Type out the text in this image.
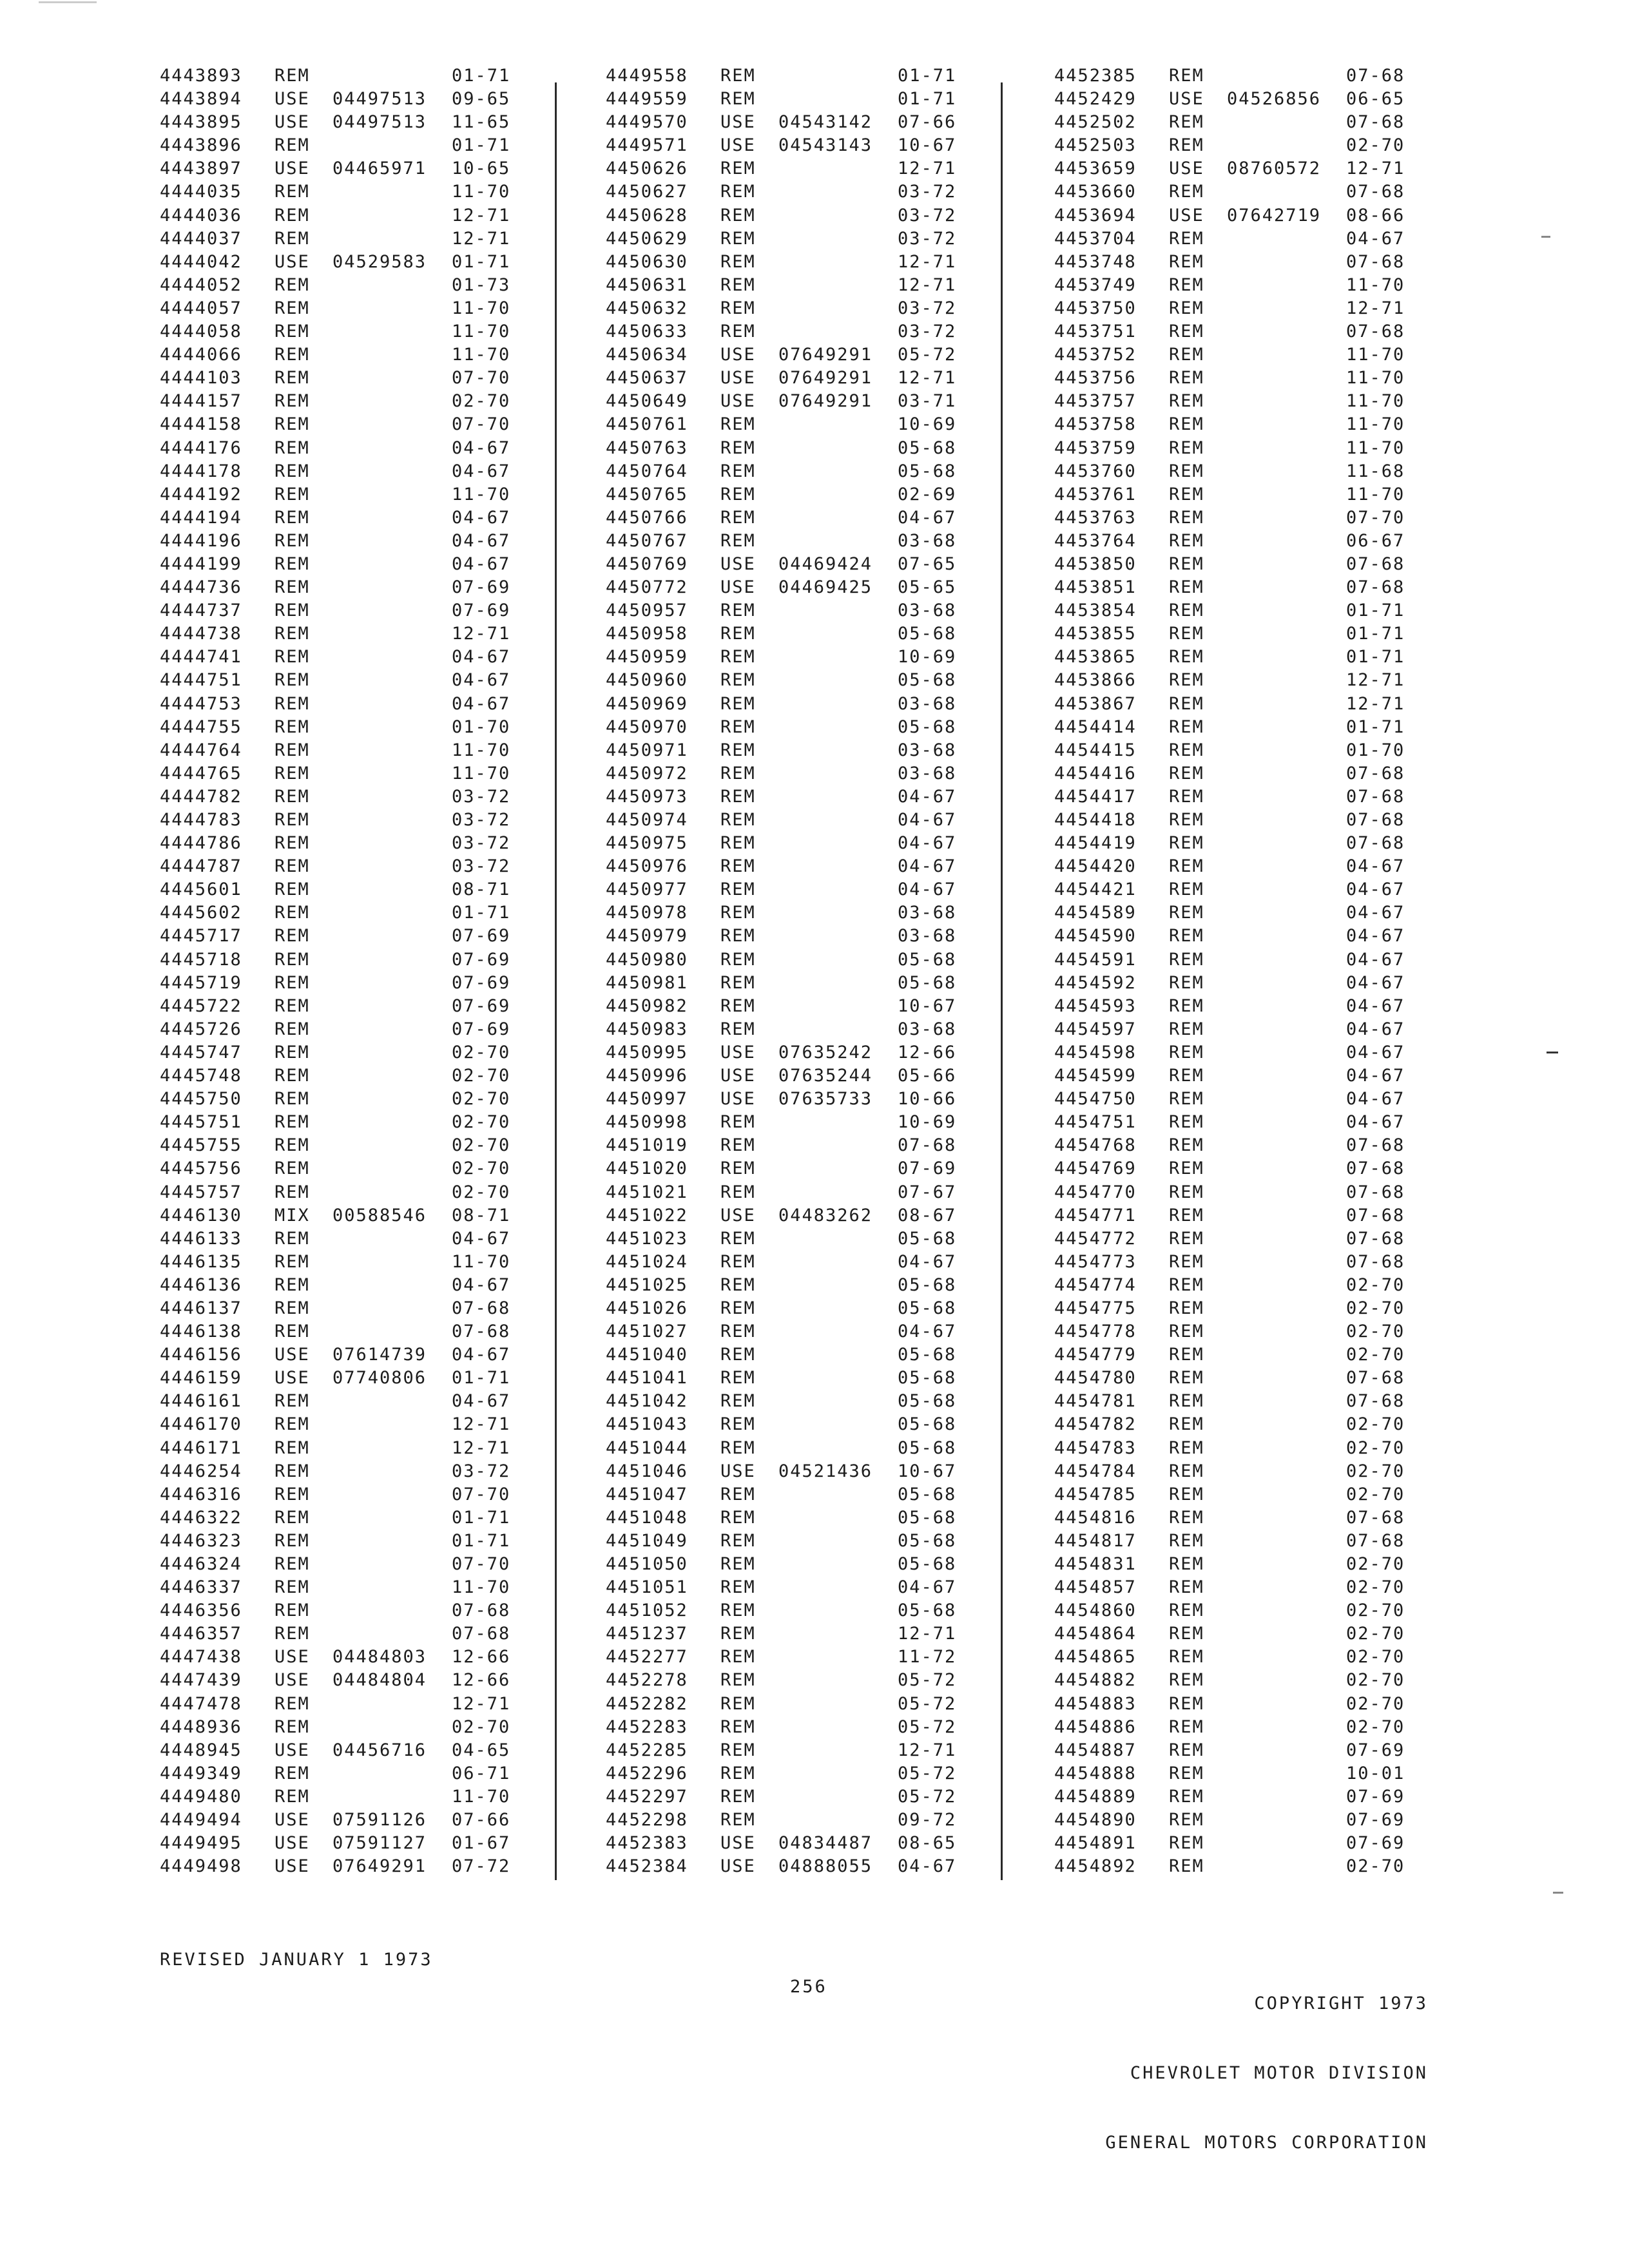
4443893 REM	01-71
4443894 USE 04497513 09-65
4443895 USE 04497513 11-65
4443896 REM	01-71
4443897 USE 04465971 10-65
4444035 REM	11-70
4444036 REM	12-71
4444037 REM	12-71
4444042 USE 04529583 01-71
4444052 REM	01-73
4444057 REM	11-70
4444058 REM	11-70
4444066 REM	11-70
4444103 REM	07-70
4444157 REM	02-70
4444158 REM	07-70
4444176 REM	04-67
4444178 REM	04-67
4444192 REM	11-70
4444194 REM	04-67
4444196 REM	04-67
4444199 REM	04-67
4444736 REM	07-69
4444737 REM	07-69
4444738 REM	12-71
4444741 REM	04-67
4444751 REM	04-67
4444753 REM	04-67
4444755 REM	01-70
4444764 REM	11-70
4444765 REM	11-70
4444782 REM	03-72
4444783 REM	03-72
4444786 REM	03-72
4444787 REM	03-72
4445601 REM	08-71
4445602 REM	01-71
4445717 REM	07-69
4445718 REM	07-69
4445719 REM	07-69
4445722 REM	07-69
4445726 REM	07-69
4445747 REM	02-70
4445748 REM	02-70
4445750 REM	02-70
4445751 REM	02-70
4445755 REM	02-70
4445756 REM	02-70
4445757 REM	02-70
4446130 MIX 00588546 08-71
4446133 REM	04-67
4446135 REM	11-70
4446136 REM	04-67
4446137 REM	07-68
4446138 REM	07-68
4446156 USE 07614739 04-67
4446159 USE 07740806 01-71
4446161 REM	04-67
4446170 REM	12-71
4446171 REM	12-71
4446254 REM	03-72
4446316 REM	07-70
4446322 REM	01-71
4446323 REM	01-71
4446324 REM	07-70
4446337 REM	11-70
4446356 REM	07-68
4446357 REM	07-68
4447438 USE 04484803 12-66
4447439 USE 04484804 12-66
4447478 REM	12-71
4448936 REM	02-70
4448945 USE 04456716 04-65
4449349 REM	06-71
4449480 REM	11-70
4449494 USE 07591126 07-66
4449495 USE 07591127 01-67
4449498 USE 07649291 07-72
4449558 REM	01-71
4449559 REM	01-71
4449570 USE 04543142 07-66
4449571 USE 04543143 10-67
4450626 REM	12-71
4450627 REM	03-72
4450628 REM	03-72
4450629 REM	03-72
4450630 REM	12-71
4450631 REM	12-71
4450632 REM	03-72
4450633 REM	03-72
4450634 USE 07649291 05-72
4450637 USE 07649291 12-71
4450649 USE 07649291 03-71
4450761 REM	10-69
4450763 REM	05-68
4450764 REM	05-68
4450765 REM	02-69
4450766 REM	04-67
4450767 REM	03-68
4450769 USE 04469424 07-65
4450772 USE 04469425 05-65
4450957 REM	03-68
4450958 REM	05-68
4450959 REM	10-69
4450960 REM	05-68
4450969 REM	03-68
4450970 REM	05-68
4450971 REM	03-68
4450972 REM	03-68
4450973 REM	04-67
4450974 REM	04-67
4450975 REM	04-67
4450976 REM	04-67
4450977 REM	04-67
4450978 REM	03-68
4450979 REM	03-68
4450980 REM	05-68
4450981 REM	05-68
4450982 REM	10-67
4450983 REM	03-68
4450995 USE 07635242 12-66
4450996 USE 07635244 05-66
4450997 USE 07635733 10-66
4450998 REM	10-69
4451019 REM	07-68
4451020 REM	07-69
4451021 REM	07-67
4451022 USE 04483262 08-67
4451023 REM	05-68
4451024 REM	04-67
4451025 REM	05-68
4451026 REM	05-68
4451027 REM	04-67
4451040 REM	05-68
4451041 REM	05-68
4451042 REM	05-68
4451043 REM	05-68
4451044 REM	05-68
4451046 USE 04521436 10-67
4451047 REM	05-68
4451048 REM	05-68
4451049 REM	05-68
4451050 REM	05-68
4451051 REM	04-67
4451052 REM	05-68
4451237 REM	12-71
4452277 REM	11-72
4452278 REM	05-72
4452282 REM	05-72
4452283 REM	05-72
4452285 REM	12-71
4452296 REM	05-72
4452297 REM	05-72
4452298 REM	09-72
4452383 USE 04834487 08-65
4452384 USE 04888055 04-67
4452385 REM	07-68
4452429 USE 04526856 06-65
4452502 REM	07-68
4452503 REM	02-70
4453659 USE 08760572 12-71
4453660 REM	07-68
4453694 USE 07642719 08-66
4453704 REM	04-67
4453748 REM	07-68
4453749 REM	11-70
4453750 REM	12-71
4453751 REM	07-68
4453752 REM	11-70
4453756 REM	11-70
4453757 REM	11-70
4453758 REM	11-70
4453759 REM	11-70
4453760 REM	11-68
4453761 REM	11-70
4453763 REM	07-70
4453764 REM	06-67
4453850 REM	07-68
4453851 REM	07-68
4453854 REM	01-71
4453855 REM	01-71
4453865 REM	01-71
4453866 REM	12-71
4453867 REM	12-71
4454414 REM	01-71
4454415 REM	01-70
4454416 REM	07-68
4454417 REM	07-68
4454418 REM	07-68
4454419 REM	07-68
4454420 REM	04-67
4454421 REM	04-67
4454589 REM	04-67
4454590 REM	04-67
4454591 REM	04-67
4454592 REM	04-67
4454593 REM	04-67
4454597 REM	04-67
4454598 REM	04-67
4454599 REM	04-67
4454750 REM	04-67
4454751 REM	04-67
4454768 REM	07-68
4454769 REM	07-68
4454770 REM	07-68
4454771 REM	07-68
4454772 REM	07-68
4454773 REM	07-68
4454774 REM	02-70
4454775 REM	02-70
4454778 REM	02-70
4454779 REM	02-70
4454780 REM	07-68
4454781 REM	07-68
4454782 REM	02-70
4454783 REM	02-70
4454784 REM	02-70
4454785 REM	02-70
4454816 REM	07-68
4454817 REM	07-68
4454831 REM	02-70
4454857 REM	02-70
4454860 REM	02-70
4454864 REM	02-70
4454865 REM	02-70
4454882 REM	02-70
4454883 REM	02-70
4454886 REM	02-70
4454887 REM	07-69
4454888 REM	10-01
4454889 REM	07-69
4454890 REM	07-69
4454891 REM	07-69
4454892 REM	02-70
REVISED JANUARY 1 1973
256

COPYRIGHT 1973

CHEVROLET MOTOR DIVISION

GENERAL MOTORS CORPORATION
